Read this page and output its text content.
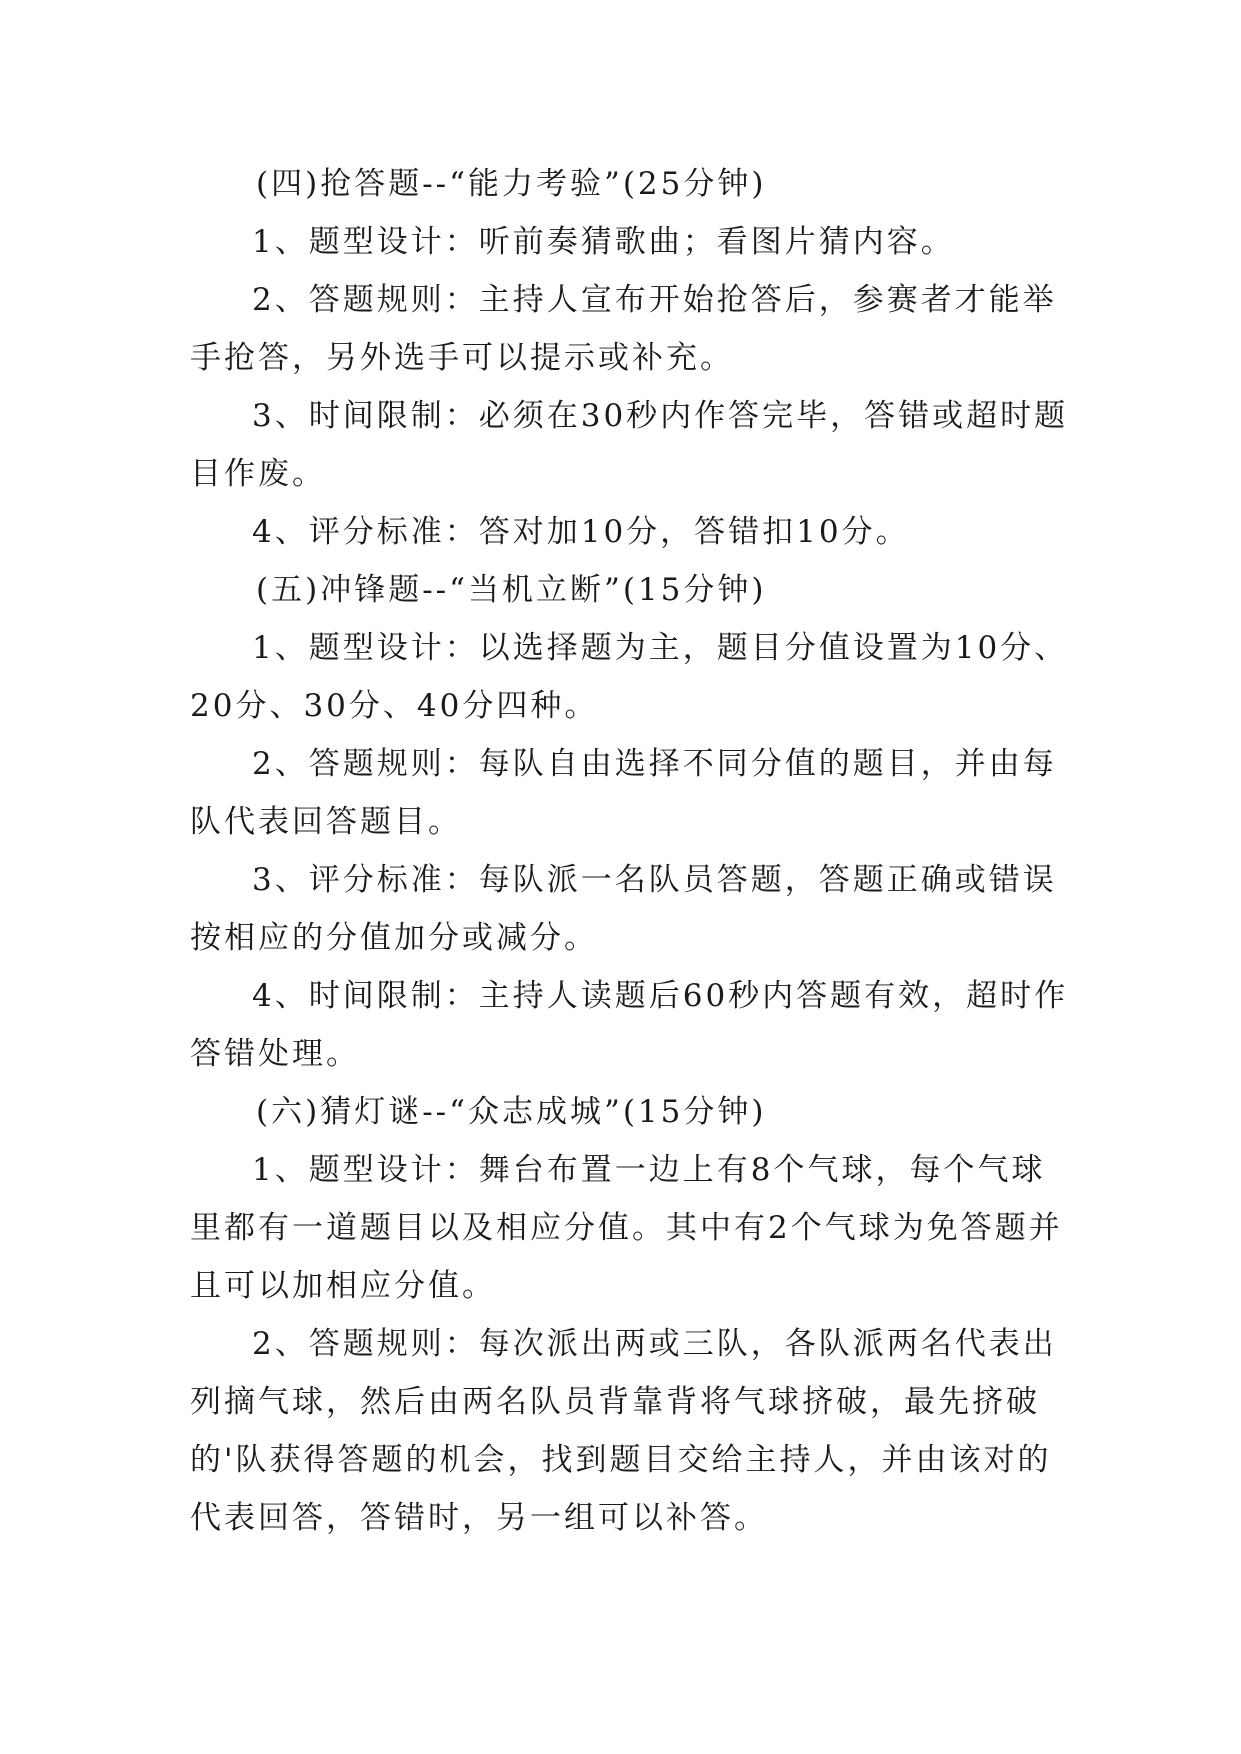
(四)抢答题--“能力考验”(25分钟)

1、题型设计：听前奏猜歌曲；看图片猜内容。

2、答题规则：主持人宣布开始抢答后，参赛者才能举手抢答，另外选手可以提示或补充。

3、时间限制：必须在30秒内作答完毕，答错或超时题目作废。

4、评分标准：答对加10分，答错扣10分。

(五)冲锋题--“当机立断”(15分钟)

1、题型设计：以选择题为主，题目分值设置为10分、20分、30分、40分四种。

2、答题规则：每队自由选择不同分值的题目，并由每队代表回答题目。

3、评分标准：每队派一名队员答题，答题正确或错误按相应的分值加分或减分。

4、时间限制：主持人读题后60秒内答题有效，超时作答错处理。

(六)猜灯谜--“众志成城”(15分钟)

1、题型设计：舞台布置一边上有8个气球，每个气球里都有一道题目以及相应分值。其中有2个气球为免答题并且可以加相应分值。

2、答题规则：每次派出两或三队，各队派两名代表出列摘气球，然后由两名队员背靠背将气球挤破，最先挤破的'队获得答题的机会，找到题目交给主持人，并由该对的代表回答，答错时，另一组可以补答。
